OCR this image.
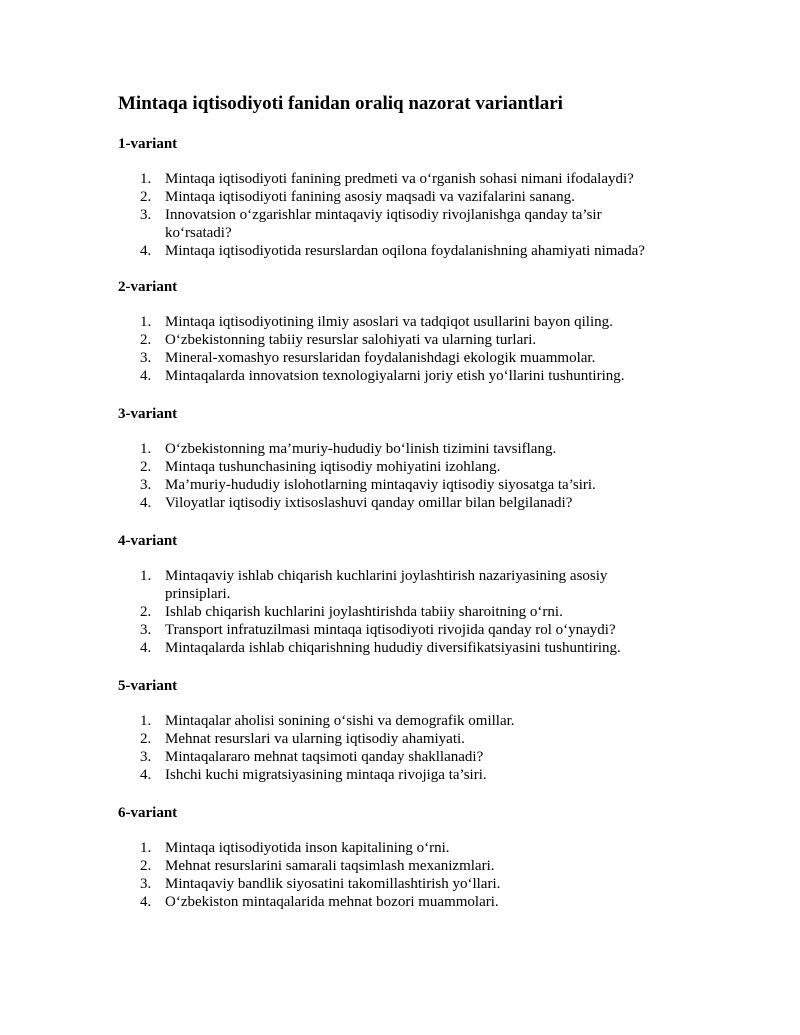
Mintaqa iqtisodiyoti fanidan oraliq nazorat variantlari
1-variant
1. Mintaqa iqtisodiyoti fanining predmeti va o‘rganish sohasi nimani ifodalaydi?
2. Mintaqa iqtisodiyoti fanining asosiy maqsadi va vazifalarini sanang.
3. Innovatsion o‘zgarishlar mintaqaviy iqtisodiy rivojlanishga qanday ta’sir ko‘rsatadi?
4. Mintaqa iqtisodiyotida resurslardan oqilona foydalanishning ahamiyati nimada?
2-variant
1. Mintaqa iqtisodiyotining ilmiy asoslari va tadqiqot usullarini bayon qiling.
2. O‘zbekistonning tabiiy resurslar salohiyati va ularning turlari.
3. Mineral-xomashyo resurslaridan foydalanishdagi ekologik muammolar.
4. Mintaqalarda innovatsion texnologiyalarni joriy etish yo‘llarini tushuntiring.
3-variant
1. O‘zbekistonning ma’muriy-hududiy bo‘linish tizimini tavsiflang.
2. Mintaqa tushunchasining iqtisodiy mohiyatini izohlang.
3. Ma’muriy-hududiy islohotlarning mintaqaviy iqtisodiy siyosatga ta’siri.
4. Viloyatlar iqtisodiy ixtisoslashuvi qanday omillar bilan belgilanadi?
4-variant
1. Mintaqaviy ishlab chiqarish kuchlarini joylashtirish nazariyasining asosiy prinsiplari.
2. Ishlab chiqarish kuchlarini joylashtirishda tabiiy sharoitning o‘rni.
3. Transport infratuzilmasi mintaqa iqtisodiyoti rivojida qanday rol o‘ynaydi?
4. Mintaqalarda ishlab chiqarishning hududiy diversifikatsiyasini tushuntiring.
5-variant
1. Mintaqalar aholisi sonining o‘sishi va demografik omillar.
2. Mehnat resurslari va ularning iqtisodiy ahamiyati.
3. Mintaqalararo mehnat taqsimoti qanday shakllanadi?
4. Ishchi kuchi migratsiyasining mintaqa rivojiga ta’siri.
6-variant
1. Mintaqa iqtisodiyotida inson kapitalining o‘rni.
2. Mehnat resurslarini samarali taqsimlash mexanizmlari.
3. Mintaqaviy bandlik siyosatini takomillashtirish yo‘llari.
4. O‘zbekiston mintaqalarida mehnat bozori muammolari.
